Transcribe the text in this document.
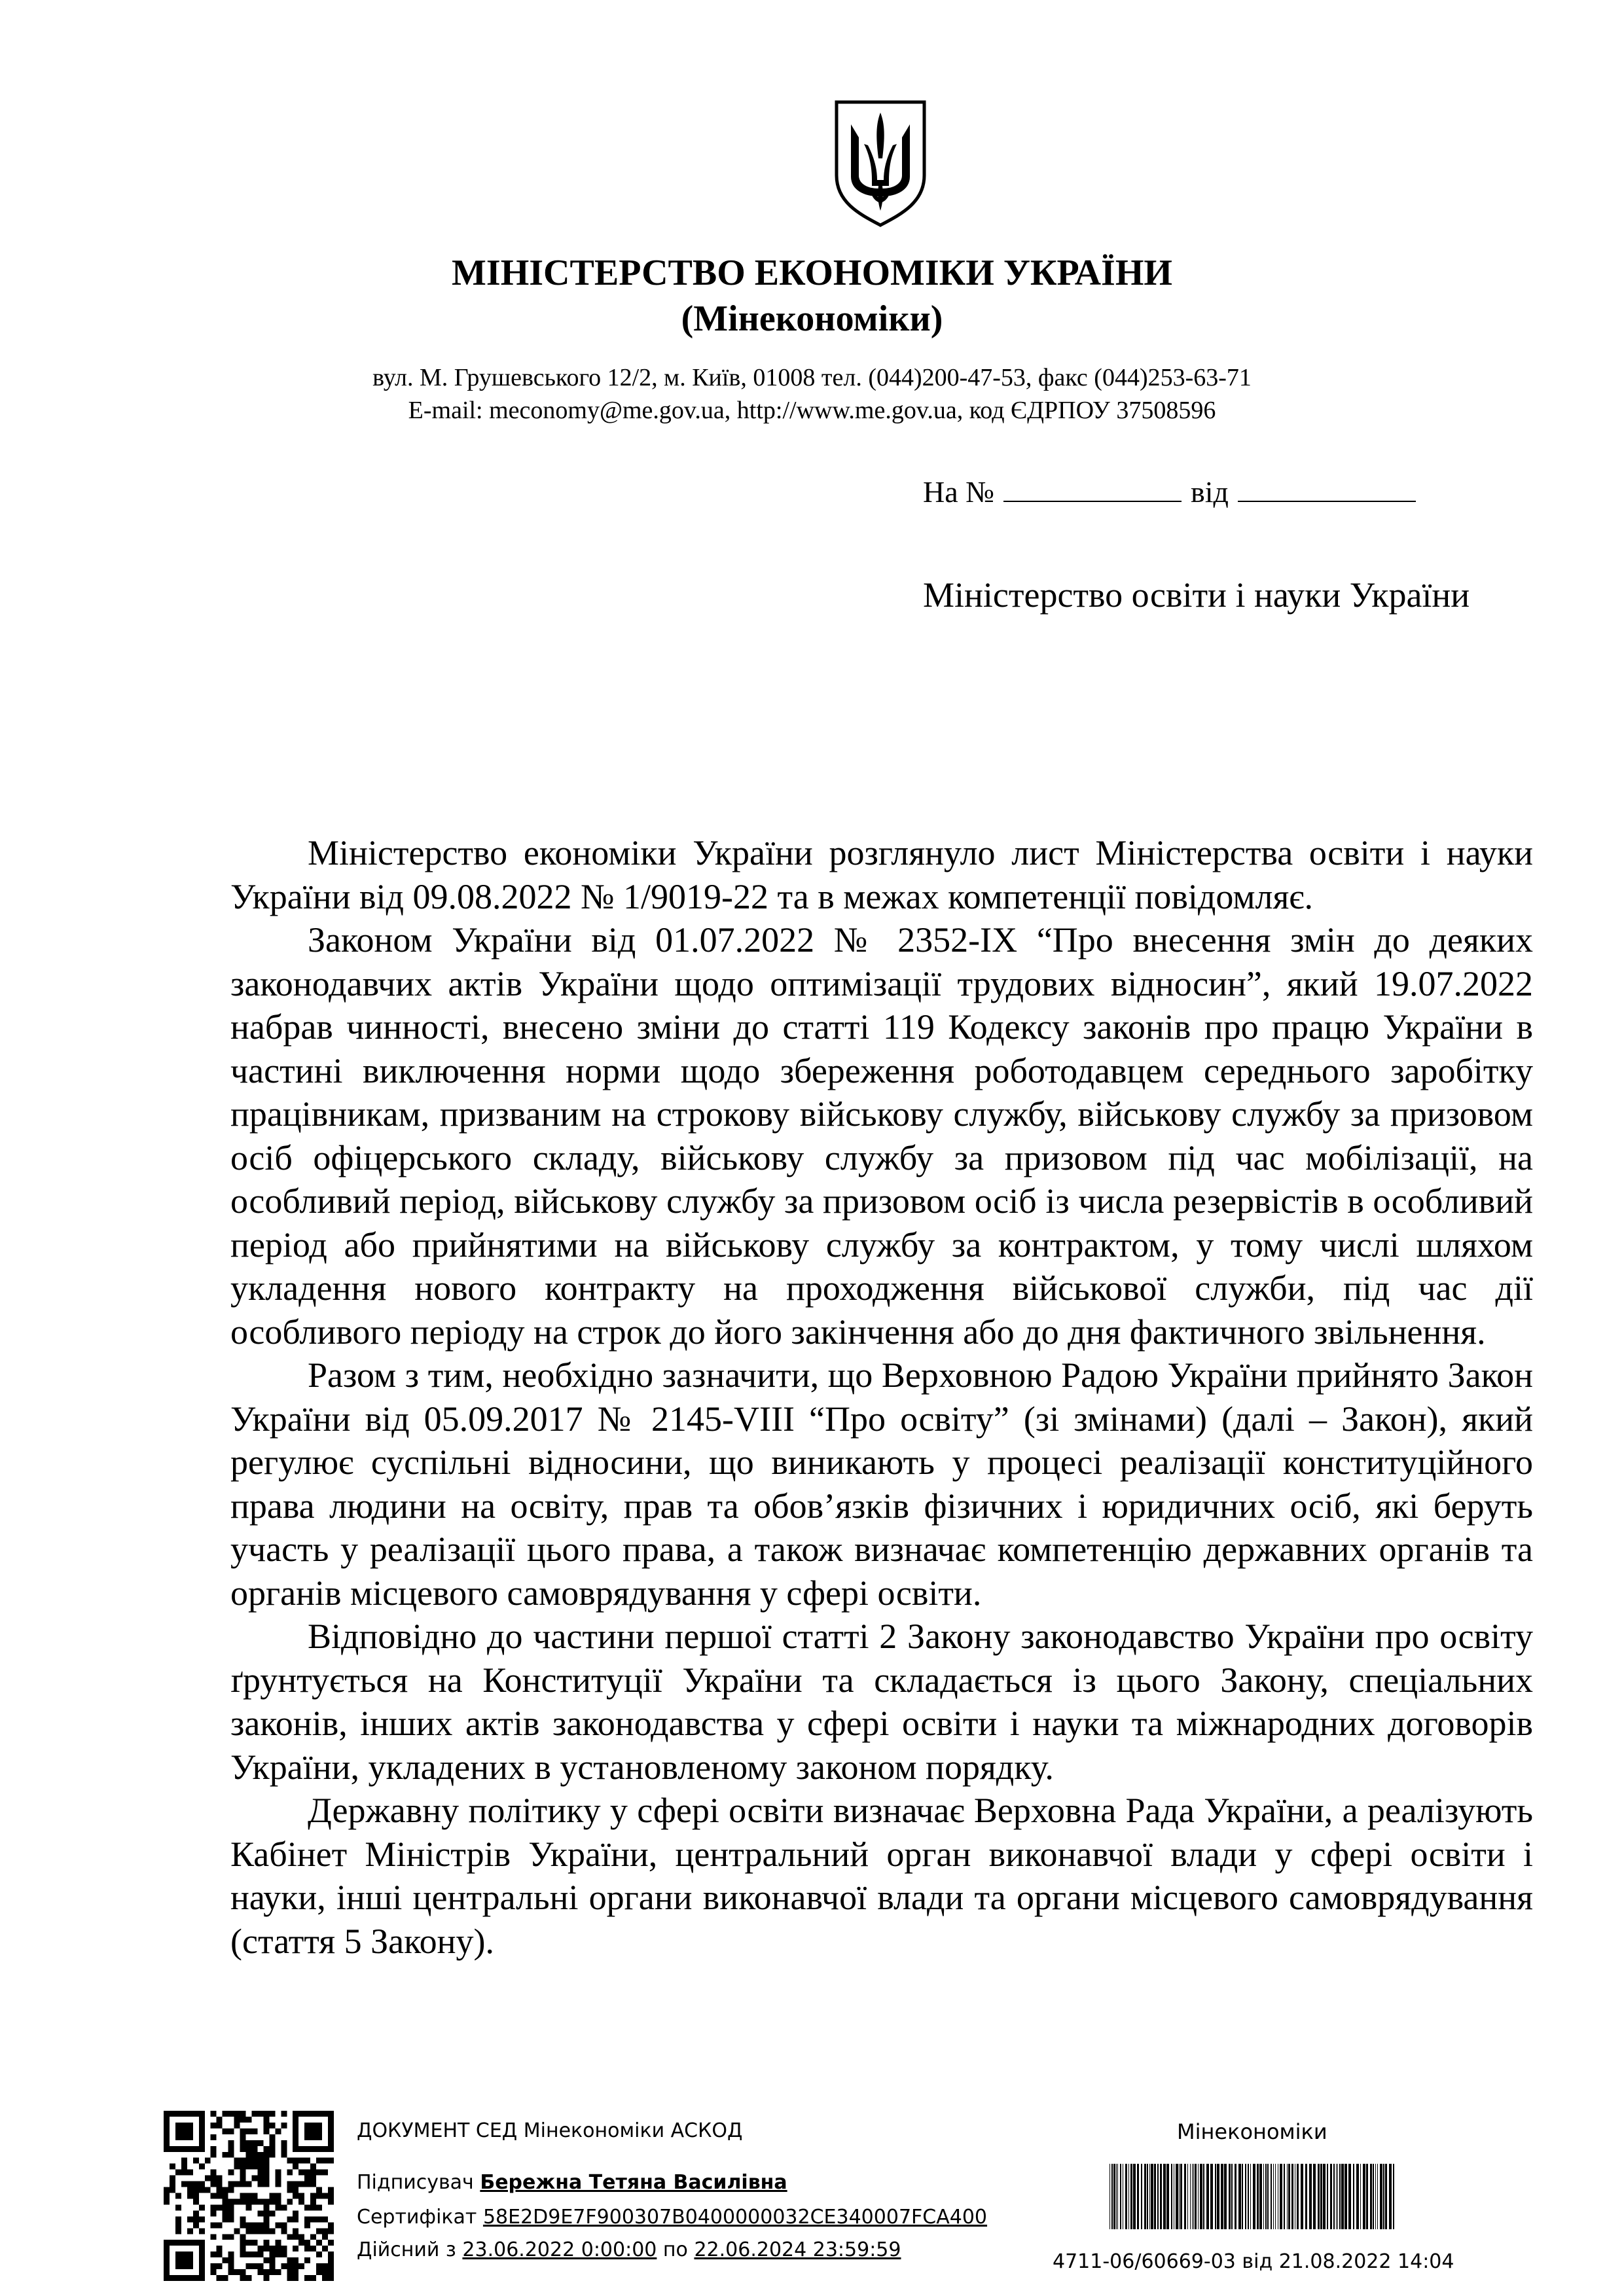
МІНІСТЕРСТВО ЕКОНОМІКИ УКРАЇНИ
(Мінекономіки)
вул. М. Грушевського 12/2, м. Київ, 01008 тел. (044)200-47-53, факс (044)253-63-71
E-mail: meconomy@me.gov.ua, http://www.me.gov.ua, код ЄДРПОУ 37508596
На №	від
Міністерство освіти і науки України

Міністерство економіки України розглянуло лист Міністерства освіти і науки України від 09.08.2022 № 1/9019-22 та в межах компетенції повідомляє.

Законом України від 01.07.2022 № 2352-IX “Про внесення змін до деяких законодавчих актів України щодо оптимізації трудових відносин”, який 19.07.2022 набрав чинності, внесено зміни до статті 119 Кодексу законів про працю України в частині виключення норми щодо збереження роботодавцем середнього заробітку працівникам, призваним на строкову військову службу, військову службу за призовом осіб офіцерського складу, військову службу за призовом під час мобілізації, на особливий період, військову службу за призовом осіб із числа резервістів в особливий період або прийнятими на військову службу за контрактом, у тому числі шляхом укладення нового контракту на проходження військової служби, під час дії особливого періоду на строк до його закінчення або до дня фактичного звільнення.

Разом з тим, необхідно зазначити, що Верховною Радою України прийнято Закон України від 05.09.2017 № 2145-VIII “Про освіту” (зі змінами) (далі – Закон), який регулює суспільні відносини, що виникають у процесі реалізації конституційного права людини на освіту, прав та обов’язків фізичних і юридичних осіб, які беруть участь у реалізації цього права, а також визначає компетенцію державних органів та органів місцевого самоврядування у сфері освіти.

Відповідно до частини першої статті 2 Закону законодавство України про освіту ґрунтується на Конституції України та складається із цього Закону, спеціальних законів, інших актів законодавства у сфері освіти і науки та міжнародних договорів України, укладених в установленому законом порядку.

Державну політику у сфері освіти визначає Верховна Рада України, а реалізують Кабінет Міністрів України, центральний орган виконавчої влади у сфері освіти і науки, інші центральні органи виконавчої влади та органи місцевого самоврядування (стаття 5 Закону).

ДОКУМЕНТ СЕД Мінекономіки АСКОД
Підписувач Бережна Тетяна Василівна
Сертифікат 58E2D9E7F900307B0400000032CE340007FCA400
Дійсний з 23.06.2022 0:00:00 по 22.06.2024 23:59:59
Мінекономіки
4711-06/60669-03 від 21.08.2022 14:04
